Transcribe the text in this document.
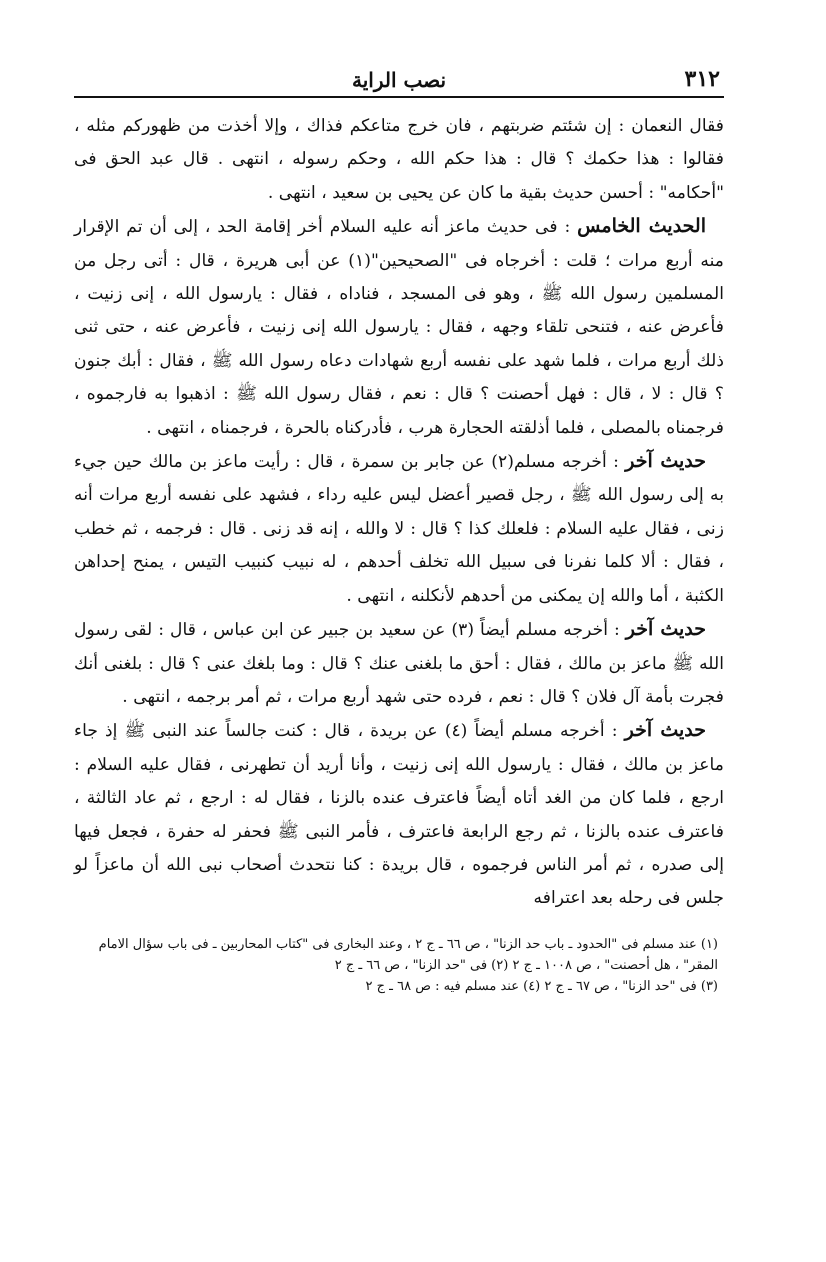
٣١٢
نصب الراية

فقال النعمان : إن شئتم ضربتهم ، فان خرج متاعكم فذاك ، وإلا أخذت من ظهوركم مثله ، فقالوا : هذا حكمك ؟ قال : هذا حكم الله ، وحكم رسوله ، انتهى . قال عبد الحق فى "أحكامه" : أحسن حديث بقية ما كان عن يحيى بن سعيد ، انتهى .

الحديث الخامس : فى حديث ماعز أنه عليه السلام أخر إقامة الحد ، إلى أن تم الإقرار منه أربع مرات ؛ قلت : أخرجاه فى "الصحيحين"(١) عن أبى هريرة ، قال : أتى رجل من المسلمين رسول الله ﷺ ، وهو فى المسجد ، فناداه ، فقال : يارسول الله ، إنى زنيت ، فأعرض عنه ، فتنحى تلقاء وجهه ، فقال : يارسول الله إنى زنيت ، فأعرض عنه ، حتى ثنى ذلك أربع مرات ، فلما شهد على نفسه أربع شهادات دعاه رسول الله ﷺ ، فقال : أبك جنون ؟ قال : لا ، قال : فهل أحصنت ؟ قال : نعم ، فقال رسول الله ﷺ : اذهبوا به فارجموه ، فرجمناه بالمصلى ، فلما أذلقته الحجارة هرب ، فأدركناه بالحرة ، فرجمناه ، انتهى .

حديث آخر : أخرجه مسلم(٢) عن جابر بن سمرة ، قال : رأيت ماعز بن مالك حين جيء به إلى رسول الله ﷺ ، رجل قصير أعضل ليس عليه رداء ، فشهد على نفسه أربع مرات أنه زنى ، فقال عليه السلام : فلعلك كذا ؟ قال : لا والله ، إنه قد زنى . قال : فرجمه ، ثم خطب ، فقال : ألا كلما نفرنا فى سبيل الله تخلف أحدهم ، له نبيب كنبيب التيس ، يمنح إحداهن الكثبة ، أما والله إن يمكنى من أحدهم لأنكلنه ، انتهى .

حديث آخر : أخرجه مسلم أيضاً (٣) عن سعيد بن جبير عن ابن عباس ، قال : لقى رسول الله ﷺ ماعز بن مالك ، فقال : أحق ما بلغنى عنك ؟ قال : وما بلغك عنى ؟ قال : بلغنى أنك فجرت بأمة آل فلان ؟ قال : نعم ، فرده حتى شهد أربع مرات ، ثم أمر برجمه ، انتهى .

حديث آخر : أخرجه مسلم أيضاً (٤) عن بريدة ، قال : كنت جالساً عند النبى ﷺ إذ جاء ماعز بن مالك ، فقال : يارسول الله إنى زنيت ، وأنا أريد أن تطهرنى ، فقال عليه السلام : ارجع ، فلما كان من الغد أتاه أيضاً فاعترف عنده بالزنا ، فقال له : ارجع ، ثم عاد الثالثة ، فاعترف عنده بالزنا ، ثم رجع الرابعة فاعترف ، فأمر النبى ﷺ فحفر له حفرة ، فجعل فيها إلى صدره ، ثم أمر الناس فرجموه ، قال بريدة : كنا نتحدث أصحاب نبى الله أن ماعزاً لو جلس فى رحله بعد اعترافه

(١) عند مسلم فى "الحدود ـ باب حد الزنا" ، ص ٦٦ ـ ج ٢ ، وعند البخارى فى "كتاب المحاربين ـ فى باب سؤال الامام المقر" ، هل أحصنت" ، ص ١٠٠٨ ـ ج ٢ (٢) فى "حد الزنا" ، ص ٦٦ ـ ج ٢

(٣) فى "حد الزنا" ، ص ٦٧ ـ ج ٢ (٤) عند مسلم فيه : ص ٦٨ ـ ج ٢
